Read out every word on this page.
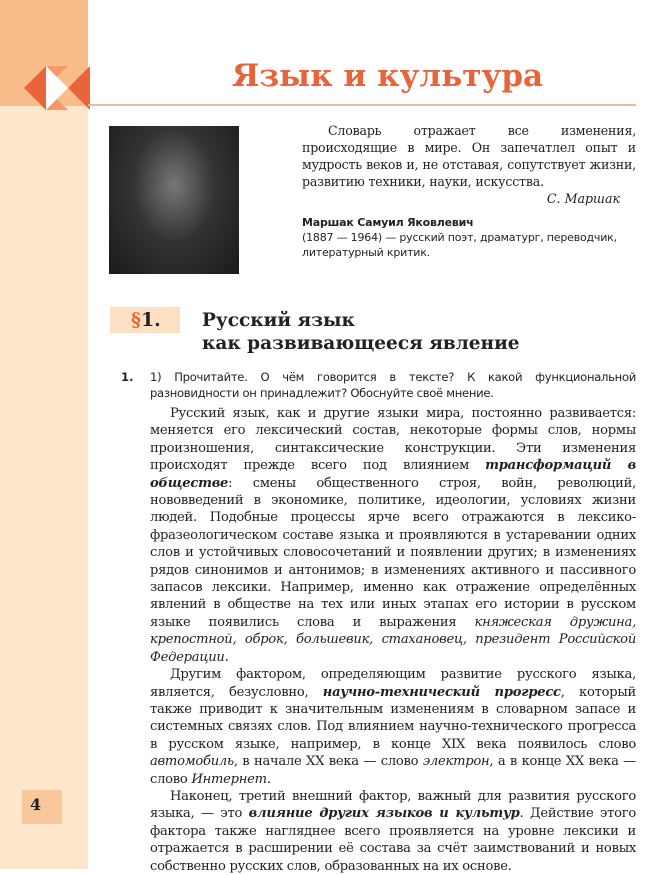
Язык и культура
Словарь отражает все изменения, происходящие в мире. Он запечатлел опыт и мудрость веков и, не отставая, сопутствует жизни, развитию техники, науки, искусства.
С. Маршак
Маршак Самуил Яковлевич
(1887 — 1964) — русский поэт, драматург, переводчик, литературный критик.
§1. Русский язык
как развивающееся явление
1. 1) Прочитайте. О чём говорится в тексте? К какой функциональной разновидности он принадлежит? Обоснуйте своё мнение.

Русский язык, как и другие языки мира, постоянно развивается: меняется его лексический состав, некоторые формы слов, нормы произношения, синтаксические конструкции. Эти изменения происходят прежде всего под влиянием трансформаций в обществе: смены общественного строя, войн, революций, нововведений в экономике, политике, идеологии, условиях жизни людей. Подобные процессы ярче всего отражаются в лексико-фразеологическом составе языка и проявляются в устаревании одних слов и устойчивых словосочетаний и появлении других; в изменениях рядов синонимов и антонимов; в изменениях активного и пассивного запасов лексики. Например, именно как отражение определённых явлений в обществе на тех или иных этапах его истории в русском языке появились слова и выражения княжеская дружина, крепостной, оброк, большевик, стахановец, президент Российской Федерации.

Другим фактором, определяющим развитие русского языка, является, безусловно, научно-технический прогресс, который также приводит к значительным изменениям в словарном запасе и системных связях слов. Под влиянием научно-технического прогресса в русском языке, например, в конце XIX века появилось слово автомобиль, в начале XX века — слово электрон, а в конце XX века — слово Интернет.

Наконец, третий внешний фактор, важный для развития русского языка, — это влияние других языков и культур. Действие этого фактора также нагляднее всего проявляется на уровне лексики и отражается в расширении её состава за счёт заимствований и новых собственно русских слов, образованных на их основе.

4
